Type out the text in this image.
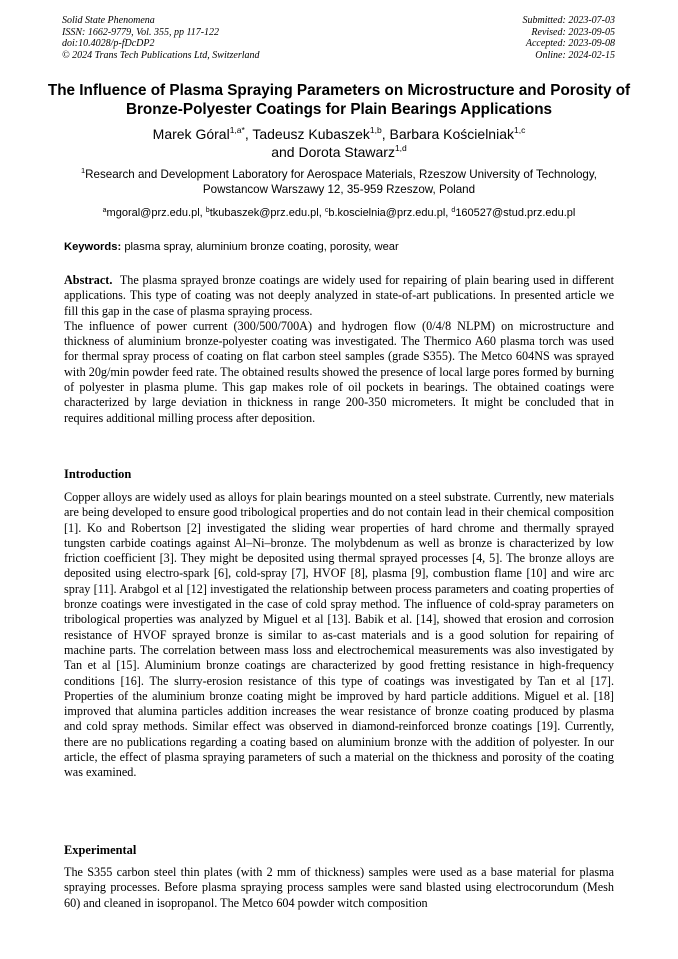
Solid State Phenomena
ISSN: 1662-9779, Vol. 355, pp 117-122
doi:10.4028/p-fDcDP2
© 2024 Trans Tech Publications Ltd, Switzerland
Submitted: 2023-07-03
Revised: 2023-09-05
Accepted: 2023-09-08
Online: 2024-02-15
The Influence of Plasma Spraying Parameters on Microstructure and Porosity of Bronze-Polyester Coatings for Plain Bearings Applications
Marek Góral$^{1,a*}$, Tadeusz Kubaszek$^{1,b}$, Barbara Kościelniak$^{1,c}$
and Dorota Stawarz$^{1,d}$
$^1$Research and Development Laboratory for Aerospace Materials, Rzeszow University of Technology, Powstancow Warszawy 12, 35-959 Rzeszow, Poland
$^a$mgoral@prz.edu.pl, $^b$tkubaszek@prz.edu.pl, $^c$b.koscielnia@prz.edu.pl, $^d$160527@stud.prz.edu.pl
Keywords: plasma spray, aluminium bronze coating, porosity, wear

Abstract. The plasma sprayed bronze coatings are widely used for repairing of plain bearing used in different applications. This type of coating was not deeply analyzed in state-of-art publications. In presented article we fill this gap in the case of plasma spraying process.

The influence of power current (300/500/700A) and hydrogen flow (0/4/8 NLPM) on microstructure and thickness of aluminium bronze-polyester coating was investigated. The Thermico A60 plasma torch was used for thermal spray process of coating on flat carbon steel samples (grade S355). The Metco 604NS was sprayed with 20g/min powder feed rate. The obtained results showed the presence of local large pores formed by burning of polyester in plasma plume. This gap makes role of oil pockets in bearings. The obtained coatings were characterized by large deviation in thickness in range 200-350 micrometers. It might be concluded that in requires additional milling process after deposition.

Introduction

Copper alloys are widely used as alloys for plain bearings mounted on a steel substrate. Currently, new materials are being developed to ensure good tribological properties and do not contain lead in their chemical composition [1]. Ko and Robertson [2] investigated the sliding wear properties of hard chrome and thermally sprayed tungsten carbide coatings against Al–Ni–bronze. The molybdenum as well as bronze is characterized by low friction coefficient [3]. They might be deposited using thermal sprayed processes [4, 5]. The bronze alloys are deposited using electro-spark [6], cold-spray [7], HVOF [8], plasma [9], combustion flame [10] and wire arc spray [11]. Arabgol et al [12] investigated the relationship between process parameters and coating properties of bronze coatings were investigated in the case of cold spray method. The influence of cold-spray parameters on tribological properties was analyzed by Miguel et al [13]. Babik et al. [14], showed that erosion and corrosion resistance of HVOF sprayed bronze is similar to as-cast materials and is a good solution for repairing of machine parts. The correlation between mass loss and electrochemical measurements was also investigated by Tan et al [15]. Aluminium bronze coatings are characterized by good fretting resistance in high-frequency conditions [16]. The slurry-erosion resistance of this type of coatings was investigated by Tan et al [17]. Properties of the aluminium bronze coating might be improved by hard particle additions. Miguel et al. [18] improved that alumina particles addition increases the wear resistance of bronze coating produced by plasma and cold spray methods. Similar effect was observed in diamond-reinforced bronze coatings [19]. Currently, there are no publications regarding a coating based on aluminium bronze with the addition of polyester. In our article, the effect of plasma spraying parameters of such a material on the thickness and porosity of the coating was examined.

Experimental

The S355 carbon steel thin plates (with 2 mm of thickness) samples were used as a base material for plasma spraying processes. Before plasma spraying process samples were sand blasted using electrocorundum (Mesh 60) and cleaned in isopropanol. The Metco 604 powder witch composition
